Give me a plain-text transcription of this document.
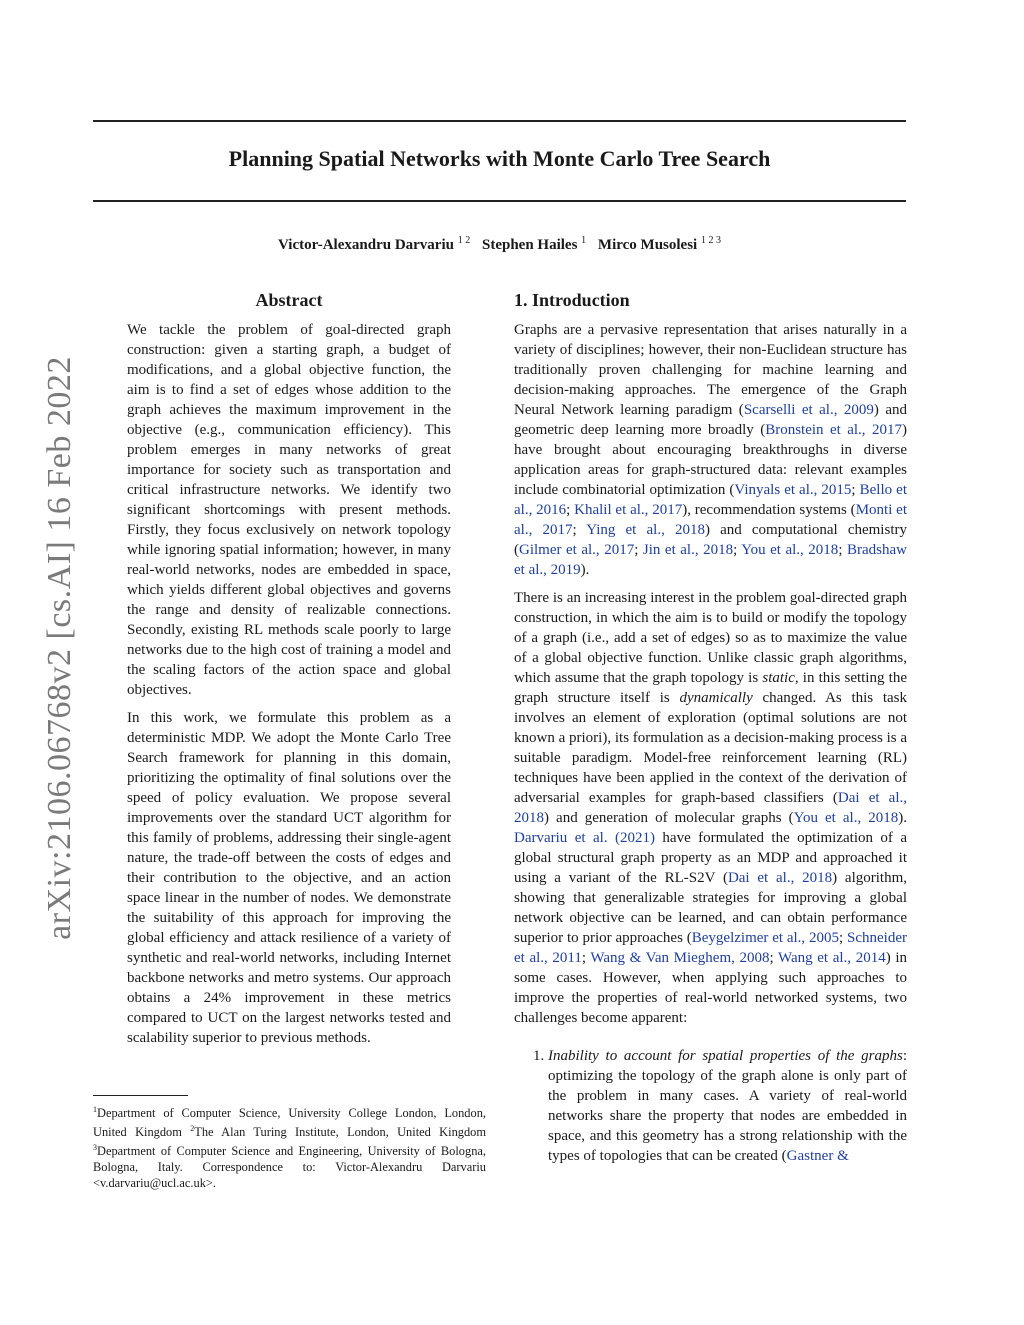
arXiv:2106.06768v2 [cs.AI] 16 Feb 2022
Planning Spatial Networks with Monte Carlo Tree Search
Victor-Alexandru Darvariu $^{1 2}$ Stephen Hailes $^1$ Mirco Musolesi $^{1 2 3}$
Abstract

We tackle the problem of goal-directed graph construction: given a starting graph, a budget of modifications, and a global objective function, the aim is to find a set of edges whose addition to the graph achieves the maximum improvement in the objective (e.g., communication efficiency). This problem emerges in many networks of great importance for society such as transportation and critical infrastructure networks. We identify two significant shortcomings with present methods. Firstly, they focus exclusively on network topology while ignoring spatial information; however, in many real-world networks, nodes are embedded in space, which yields different global objectives and governs the range and density of realizable connections. Secondly, existing RL methods scale poorly to large networks due to the high cost of training a model and the scaling factors of the action space and global objectives.

In this work, we formulate this problem as a deterministic MDP. We adopt the Monte Carlo Tree Search framework for planning in this domain, prioritizing the optimality of final solutions over the speed of policy evaluation. We propose several improvements over the standard UCT algorithm for this family of problems, addressing their single-agent nature, the trade-off between the costs of edges and their contribution to the objective, and an action space linear in the number of nodes. We demonstrate the suitability of this approach for improving the global efficiency and attack resilience of a variety of synthetic and real-world networks, including Internet backbone networks and metro systems. Our approach obtains a 24% improvement in these metrics compared to UCT on the largest networks tested and scalability superior to previous methods.

1. Introduction

Graphs are a pervasive representation that arises naturally in a variety of disciplines; however, their non-Euclidean structure has traditionally proven challenging for machine learning and decision-making approaches. The emergence of the Graph Neural Network learning paradigm (Scarselli et al., 2009) and geometric deep learning more broadly (Bronstein et al., 2017) have brought about encouraging breakthroughs in diverse application areas for graph-structured data: relevant examples include combinatorial optimization (Vinyals et al., 2015; Bello et al., 2016; Khalil et al., 2017), recommendation systems (Monti et al., 2017; Ying et al., 2018) and computational chemistry (Gilmer et al., 2017; Jin et al., 2018; You et al., 2018; Bradshaw et al., 2019).

There is an increasing interest in the problem goal-directed graph construction, in which the aim is to build or modify the topology of a graph (i.e., add a set of edges) so as to maximize the value of a global objective function. Unlike classic graph algorithms, which assume that the graph topology is static, in this setting the graph structure itself is dynamically changed. As this task involves an element of exploration (optimal solutions are not known a priori), its formulation as a decision-making process is a suitable paradigm. Model-free reinforcement learning (RL) techniques have been applied in the context of the derivation of adversarial examples for graph-based classifiers (Dai et al., 2018) and generation of molecular graphs (You et al., 2018). Darvariu et al. (2021) have formulated the optimization of a global structural graph property as an MDP and approached it using a variant of the RL-S2V (Dai et al., 2018) algorithm, showing that generalizable strategies for improving a global network objective can be learned, and can obtain performance superior to prior approaches (Beygelzimer et al., 2005; Schneider et al., 2011; Wang & Van Mieghem, 2008; Wang et al., 2014) in some cases. However, when applying such approaches to improve the properties of real-world networked systems, two challenges become apparent:

1. Inability to account for spatial properties of the graphs: optimizing the topology of the graph alone is only part of the problem in many cases. A variety of real-world networks share the property that nodes are embedded in space, and this geometry has a strong relationship with the types of topologies that can be created (Gastner &
$^1$Department of Computer Science, University College London, London, United Kingdom $^2$The Alan Turing Institute, London, United Kingdom $^3$Department of Computer Science and Engineering, University of Bologna, Bologna, Italy. Correspondence to: Victor-Alexandru Darvariu <v.darvariu@ucl.ac.uk>.
